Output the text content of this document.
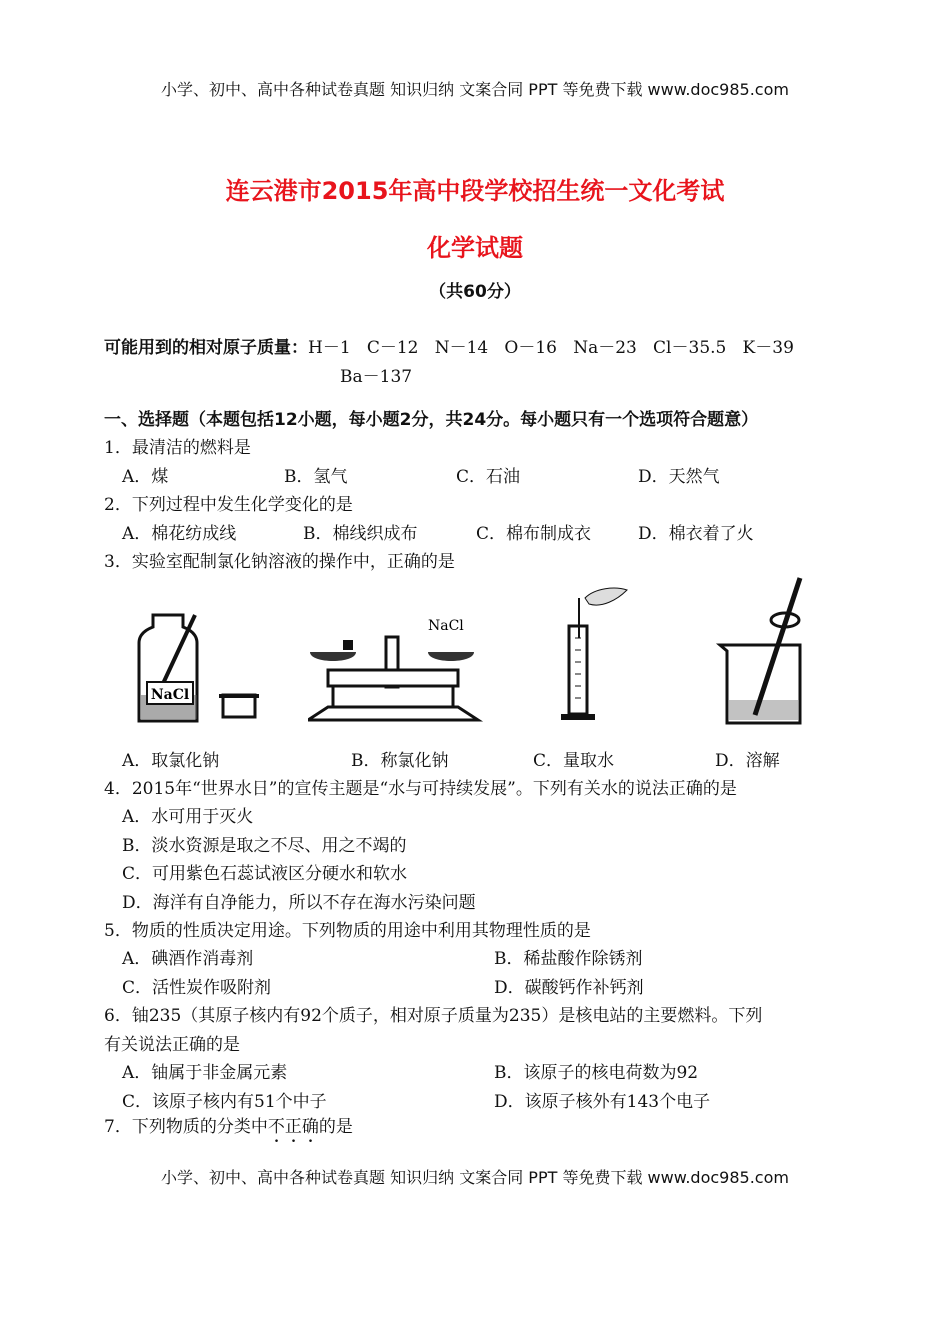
小学、初中、高中各种试卷真题 知识归纳 文案合同 PPT 等免费下载 www.doc985.com
连云港市2015年高中段学校招生统一文化考试
化学试题
（共60分）
可能用到的相对原子质量：H－1   C－12   N－14   O－16   Na－23   Cl－35.5   K－39
Ba－137
一、选择题（本题包括12小题，每小题2分，共24分。每小题只有一个选项符合题意）
1．最清洁的燃料是
A．煤	B．氢气	C．石油	D．天然气
2．下列过程中发生化学变化的是
A．棉花纺成线	B．棉线织成布	C．棉布制成衣	D．棉衣着了火
3．实验室配制氯化钠溶液的操作中，正确的是
NaCl
NaCl
A．取氯化钠	B．称氯化钠	C．量取水	D．溶解
4．2015年“世界水日”的宣传主题是“水与可持续发展”。下列有关水的说法正确的是
A．水可用于灭火
B．淡水资源是取之不尽、用之不竭的
C．可用紫色石蕊试液区分硬水和软水
D．海洋有自净能力，所以不存在海水污染问题
5．物质的性质决定用途。下列物质的用途中利用其物理性质的是
A．碘酒作消毒剂	B．稀盐酸作除锈剂
C．活性炭作吸附剂	D．碳酸钙作补钙剂
6．铀235（其原子核内有92个质子，相对原子质量为235）是核电站的主要燃料。下列
有关说法正确的是
A．铀属于非金属元素	B．该原子的核电荷数为92
C．该原子核内有51个中子	D．该原子核外有143个电子
7．下列物质的分类中不正确的是
小学、初中、高中各种试卷真题 知识归纳 文案合同 PPT 等免费下载 www.doc985.com
